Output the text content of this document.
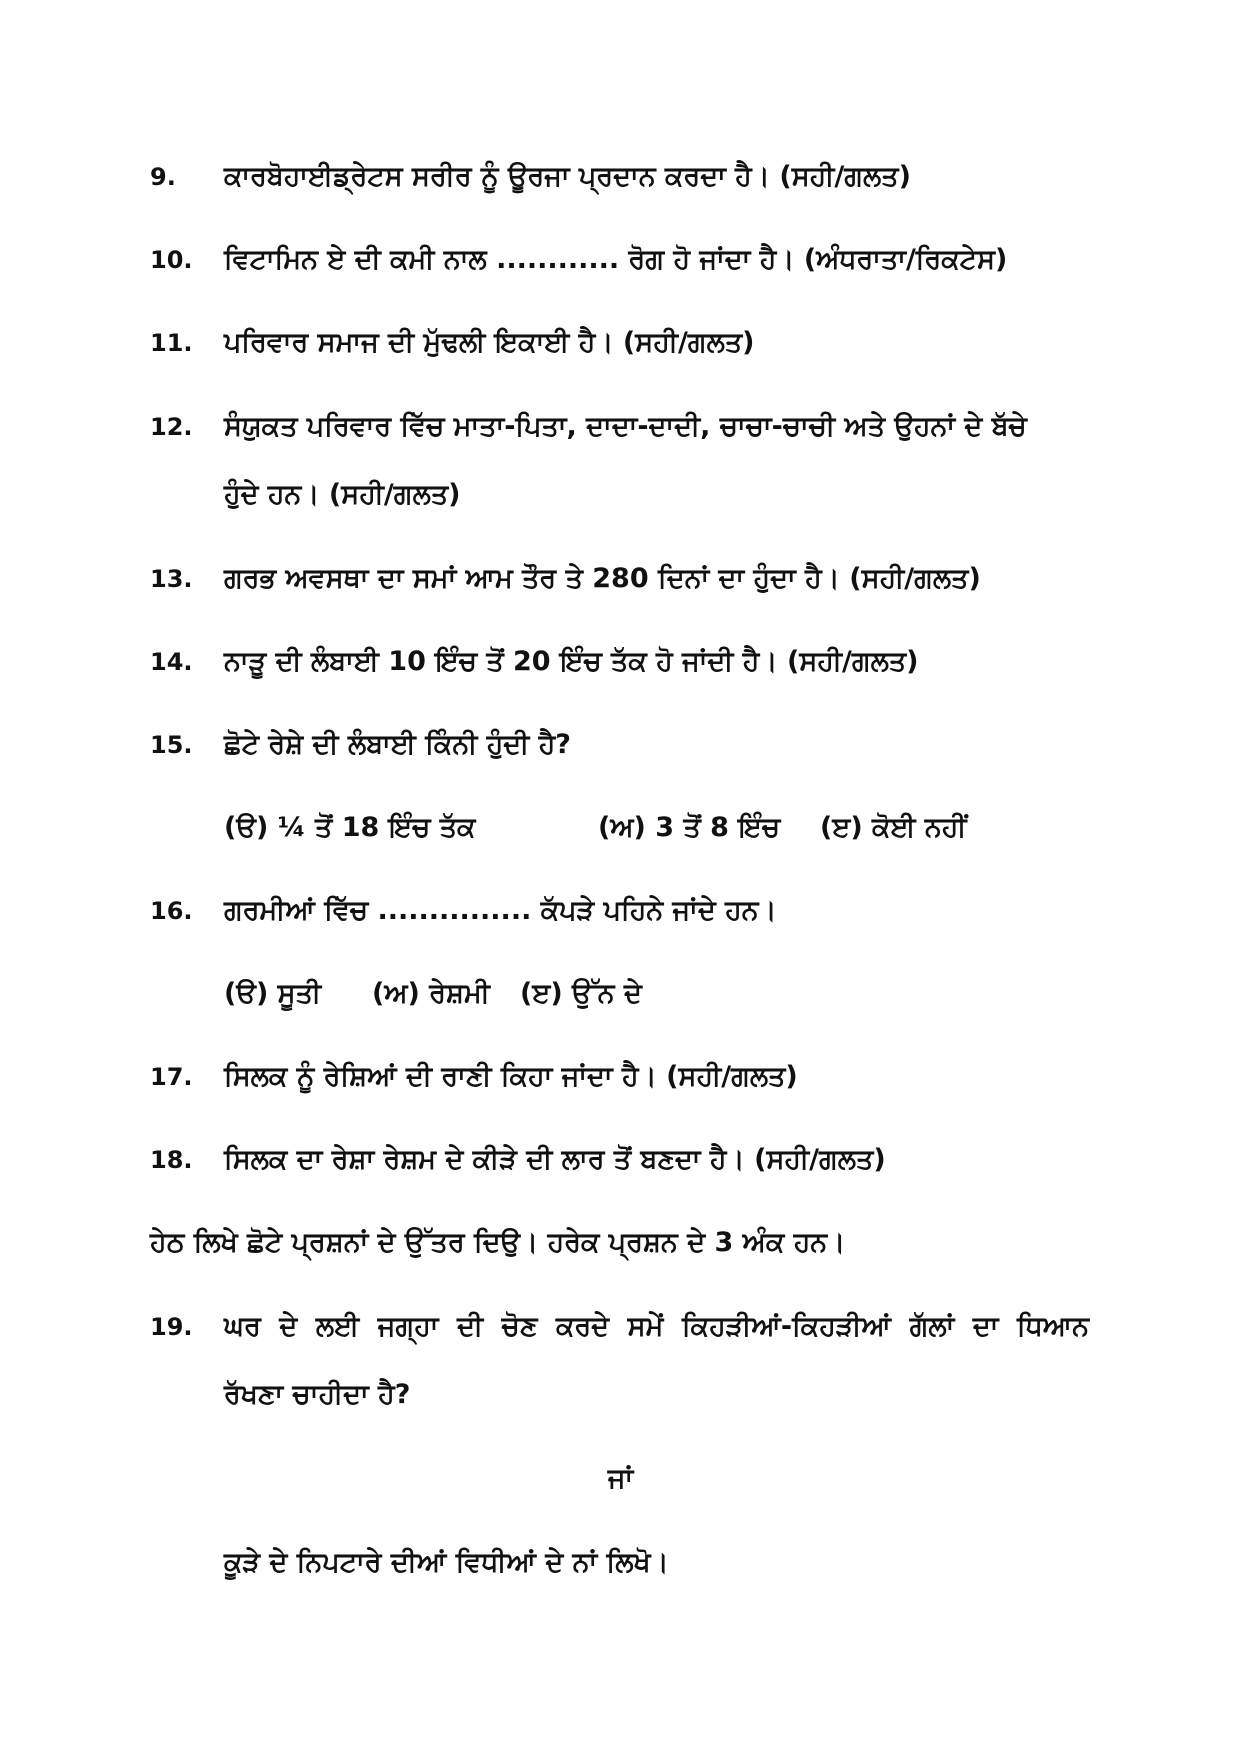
9.	ਕਾਰਬੋਹਾਈਡ੍ਰੇਟਸ ਸਰੀਰ ਨੂੰ ਊਰਜਾ ਪ੍ਰਦਾਨ ਕਰਦਾ ਹੈ। (ਸਹੀ/ਗਲਤ)
10.	ਵਿਟਾਮਿਨ ਏ ਦੀ ਕਮੀ ਨਾਲ ............ ਰੋਗ ਹੋ ਜਾਂਦਾ ਹੈ। (ਅੰਧਰਾਤਾ/ਰਿਕਟੇਸ)
11.	ਪਰਿਵਾਰ ਸਮਾਜ ਦੀ ਮੁੱਢਲੀ ਇਕਾਈ ਹੈ। (ਸਹੀ/ਗਲਤ)
12.	ਸੰਯੁਕਤ ਪਰਿਵਾਰ ਵਿੱਚ ਮਾਤਾ-ਪਿਤਾ, ਦਾਦਾ-ਦਾਦੀ, ਚਾਚਾ-ਚਾਚੀ ਅਤੇ ਉਹਨਾਂ ਦੇ ਬੱਚੇ
ਹੁੰਦੇ ਹਨ। (ਸਹੀ/ਗਲਤ)
13.	ਗਰਭ ਅਵਸਥਾ ਦਾ ਸਮਾਂ ਆਮ ਤੌਰ ਤੇ 280 ਦਿਨਾਂ ਦਾ ਹੁੰਦਾ ਹੈ। (ਸਹੀ/ਗਲਤ)
14.	ਨਾੜੂ ਦੀ ਲੰਬਾਈ 10 ਇੰਚ ਤੋਂ 20 ਇੰਚ ਤੱਕ ਹੋ ਜਾਂਦੀ ਹੈ। (ਸਹੀ/ਗਲਤ)
15.	ਛੋਟੇ ਰੇਸ਼ੇ ਦੀ ਲੰਬਾਈ ਕਿੰਨੀ ਹੁੰਦੀ ਹੈ?
(ੳ) ¼ ਤੋਂ 18 ਇੰਚ ਤੱਕ	(ਅ) 3 ਤੋਂ 8 ਇੰਚ (ੲ) ਕੋਈ ਨਹੀਂ
16.	ਗਰਮੀਆਂ ਵਿੱਚ ............... ਕੱਪੜੇ ਪਹਿਨੇ ਜਾਂਦੇ ਹਨ।
(ੳ) ਸੂਤੀ (ਅ) ਰੇਸ਼ਮੀ (ੲ) ਉੱਨ ਦੇ
17.	ਸਿਲਕ ਨੂੰ ਰੇਸ਼ਿਆਂ ਦੀ ਰਾਣੀ ਕਿਹਾ ਜਾਂਦਾ ਹੈ। (ਸਹੀ/ਗਲਤ)
18.	ਸਿਲਕ ਦਾ ਰੇਸ਼ਾ ਰੇਸ਼ਮ ਦੇ ਕੀੜੇ ਦੀ ਲਾਰ ਤੋਂ ਬਣਦਾ ਹੈ। (ਸਹੀ/ਗਲਤ)
ਹੇਠ ਲਿਖੇ ਛੋਟੇ ਪ੍ਰਸ਼ਨਾਂ ਦੇ ਉੱਤਰ ਦਿਉ। ਹਰੇਕ ਪ੍ਰਸ਼ਨ ਦੇ 3 ਅੰਕ ਹਨ।
19.	ਘਰ ਦੇ ਲਈ ਜਗ੍ਹਾ ਦੀ ਚੋਣ ਕਰਦੇ ਸਮੇਂ ਕਿਹੜੀਆਂ-ਕਿਹੜੀਆਂ ਗੱਲਾਂ ਦਾ ਧਿਆਨ
ਰੱਖਣਾ ਚਾਹੀਦਾ ਹੈ?
ਜਾਂ
ਕੂੜੇ ਦੇ ਨਿਪਟਾਰੇ ਦੀਆਂ ਵਿਧੀਆਂ ਦੇ ਨਾਂ ਲਿਖੋ।
